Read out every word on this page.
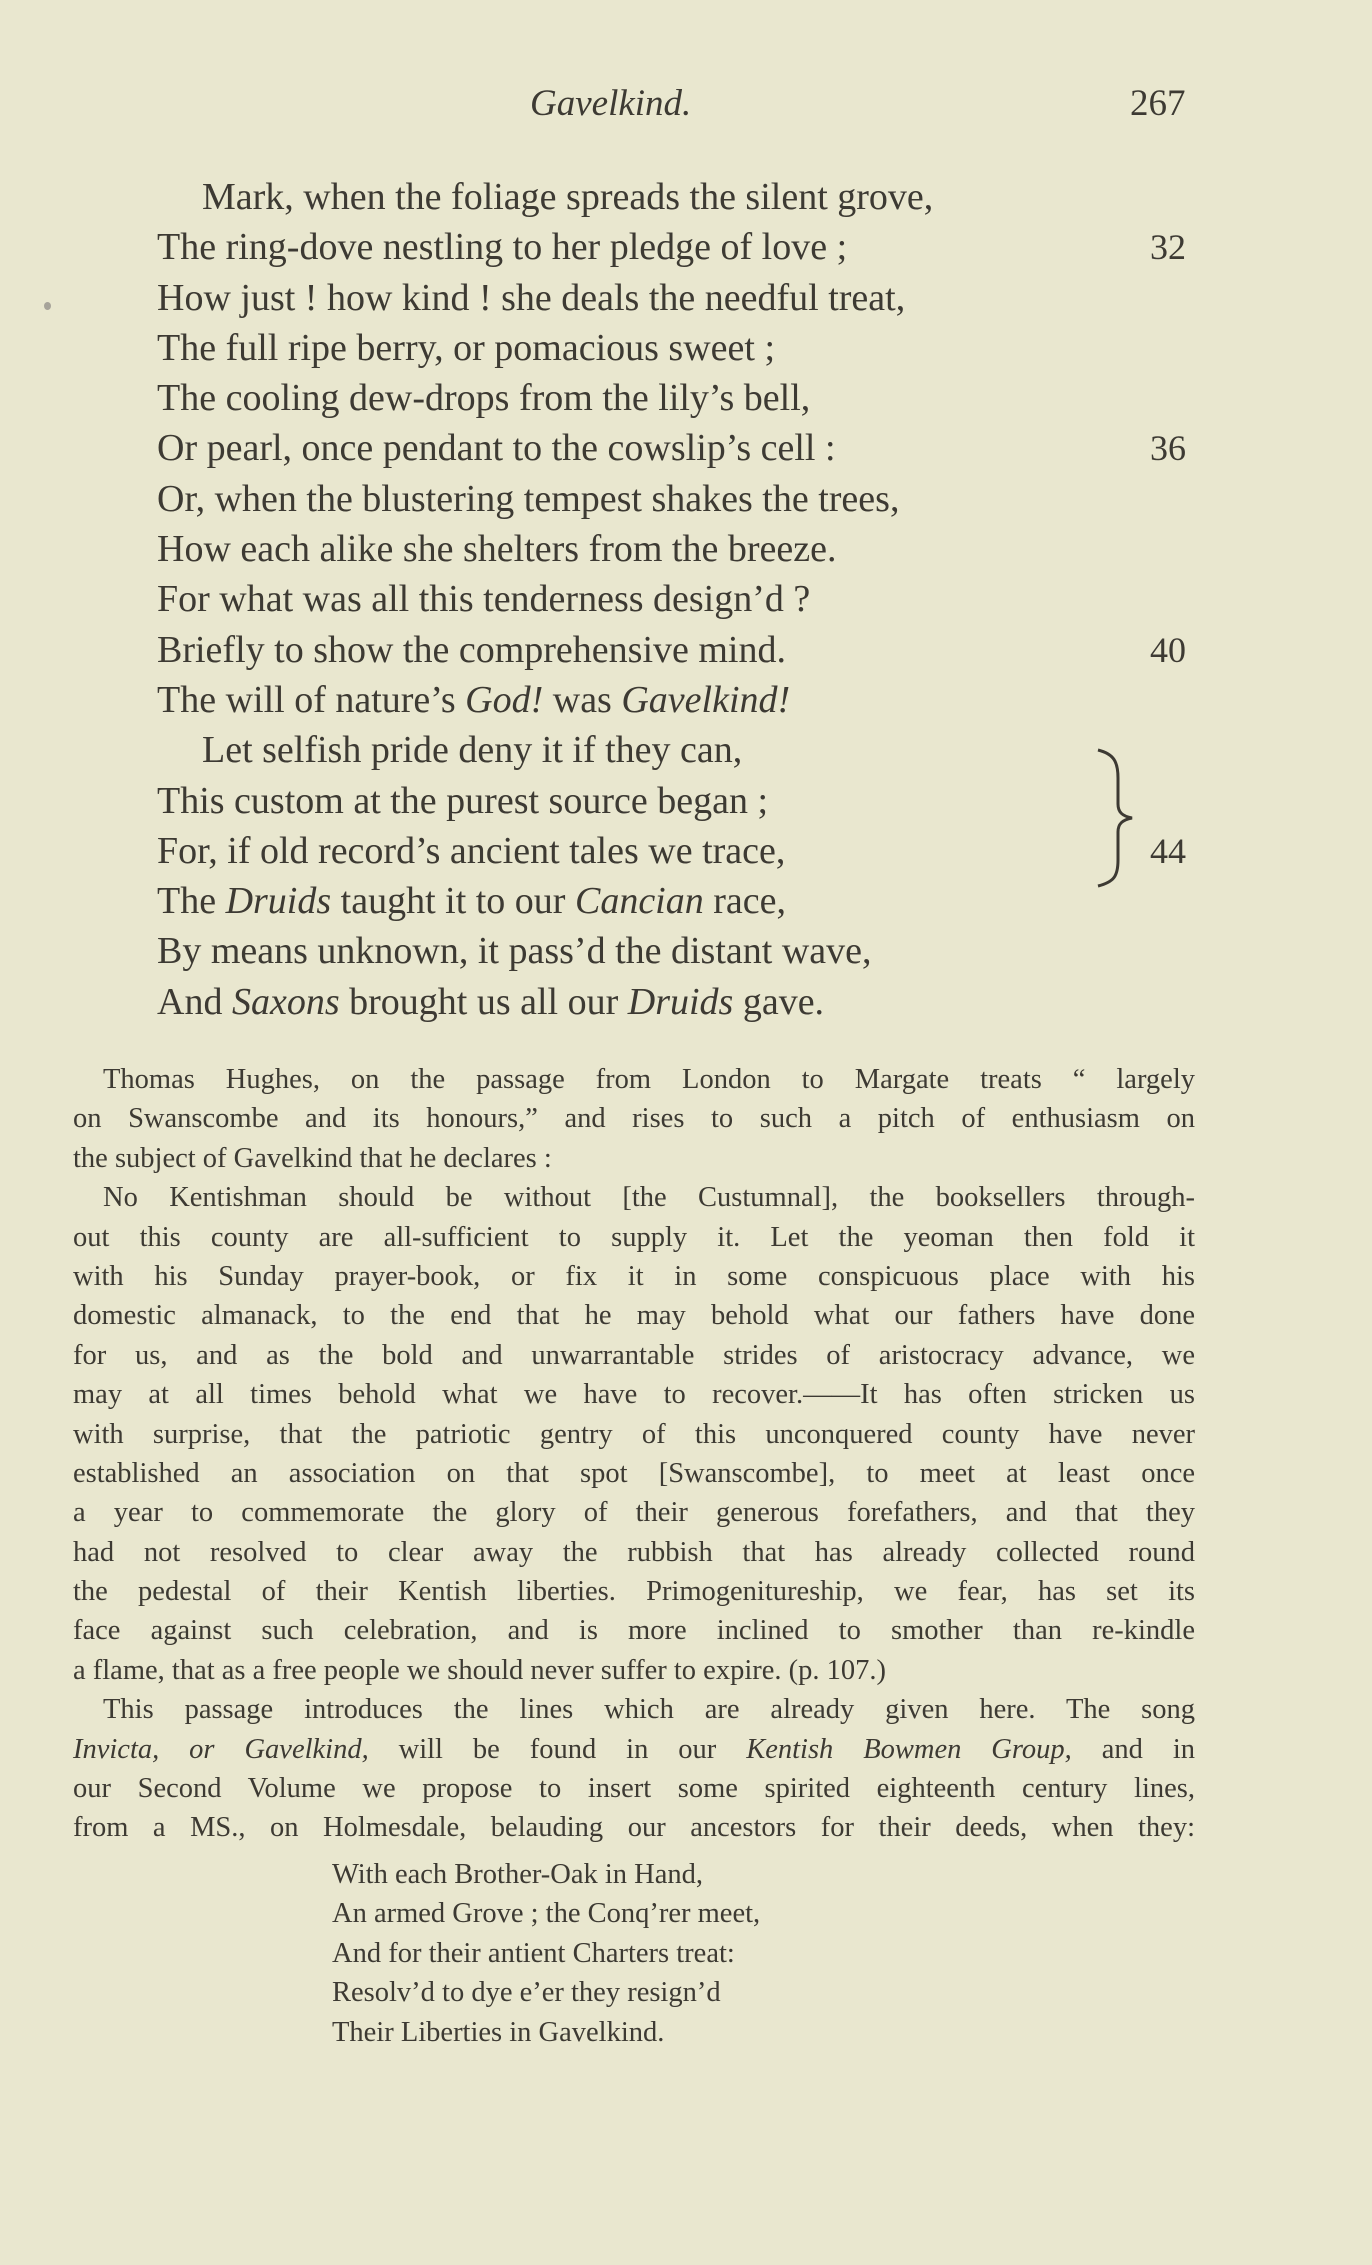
Gavelkind.	267
Mark, when the foliage spreads the silent grove,
The ring-dove nestling to her pledge of love ;	32
How just ! how kind ! she deals the needful treat,
The full ripe berry, or pomacious sweet ;
The cooling dew-drops from the lily’s bell,
Or pearl, once pendant to the cowslip’s cell :	36
Or, when the blustering tempest shakes the trees,
How each alike she shelters from the breeze.
For what was all this tenderness design’d ?
Briefly to show the comprehensive mind.	40
The will of nature’s God! was Gavelkind!
Let selfish pride deny it if they can,
This custom at the purest source began ;
For, if old record’s ancient tales we trace,	44
The Druids taught it to our Cancian race,
By means unknown, it pass’d the distant wave,
And Saxons brought us all our Druids gave.
Thomas Hughes, on the passage from London to Margate treats “ largely
on Swanscombe and its honours,” and rises to such a pitch of enthusiasm on
the subject of Gavelkind that he declares :
No Kentishman should be without [the Custumnal], the booksellers through-
out this county are all-sufficient to supply it. Let the yeoman then fold it
with his Sunday prayer-book, or fix it in some conspicuous place with his
domestic almanack, to the end that he may behold what our fathers have done
for us, and as the bold and unwarrantable strides of aristocracy advance, we
may at all times behold what we have to recover.——It has often stricken us
with surprise, that the patriotic gentry of this unconquered county have never
established an association on that spot [Swanscombe], to meet at least once
a year to commemorate the glory of their generous forefathers, and that they
had not resolved to clear away the rubbish that has already collected round
the pedestal of their Kentish liberties. Primogenitureship, we fear, has set its
face against such celebration, and is more inclined to smother than re-kindle
a flame, that as a free people we should never suffer to expire. (p. 107.)
This passage introduces the lines which are already given here. The song
Invicta, or Gavelkind, will be found in our Kentish Bowmen Group, and in
our Second Volume we propose to insert some spirited eighteenth century lines,
from a MS., on Holmesdale, belauding our ancestors for their deeds, when they:
With each Brother-Oak in Hand,
An armed Grove ; the Conq’rer meet,
And for their antient Charters treat:
Resolv’d to dye e’er they resign’d
Their Liberties in Gavelkind.
